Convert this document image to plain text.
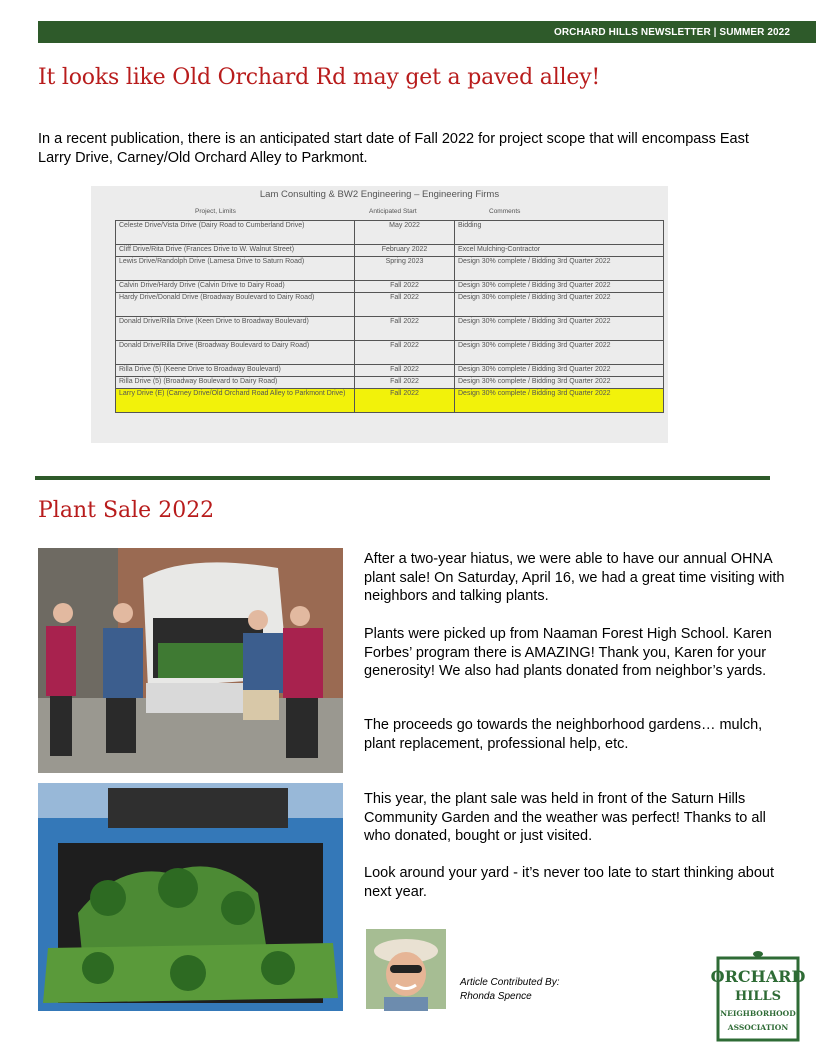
ORCHARD HILLS NEWSLETTER | SUMMER 2022
It looks like Old Orchard Rd may get a paved alley!

In a recent publication, there is an anticipated start date of Fall 2022 for project scope that will encompass East Larry Drive, Carney/Old Orchard Alley to Parkmont.

Lam Consulting & BW2 Engineering – Engineering Firms
Project, Limits	Anticipated Start	Comments
Celeste Drive/Vista Drive (Dairy Road to Cumberland Drive)	May 2022	Bidding
Cliff Drive/Rita Drive (Frances Drive to W. Walnut Street)	February 2022	Excel Mulching-Contractor
Lewis Drive/Randolph Drive (Lamesa Drive to Saturn Road)	Spring 2023	Design 30% complete / Bidding 3rd Quarter 2022
Calvin Drive/Hardy Drive (Calvin Drive to Dairy Road)	Fall 2022	Design 30% complete / Bidding 3rd Quarter 2022
Hardy Drive/Donald Drive (Broadway Boulevard to Dairy Road)	Fall 2022	Design 30% complete / Bidding 3rd Quarter 2022
Donald Drive/Rilla Drive (Keen Drive to Broadway Boulevard)	Fall 2022	Design 30% complete / Bidding 3rd Quarter 2022
Donald Drive/Rilla Drive (Broadway Boulevard to Dairy Road)	Fall 2022	Design 30% complete / Bidding 3rd Quarter 2022
Rilla Drive (5) (Keene Drive to Broadway Boulevard)	Fall 2022	Design 30% complete / Bidding 3rd Quarter 2022
Rilla Drive (5) (Broadway Boulevard to Dairy Road)	Fall 2022	Design 30% complete / Bidding 3rd Quarter 2022
Larry Drive (E) (Carney Drive/Old Orchard Road Alley to Parkmont Drive)	Fall 2022	Design 30% complete / Bidding 3rd Quarter 2022
Plant Sale 2022

After a two-year hiatus, we were able to have our annual OHNA plant sale! On Saturday, April 16, we had a great time visiting with neighbors and talking plants.

Plants were picked up from Naaman Forest High School. Karen Forbes’ program there is AMAZING! Thank you, Karen for your generosity! We also had plants donated from neighbor’s yards.

The proceeds go towards the neighborhood gardens… mulch, plant replacement, professional help, etc.

This year, the plant sale was held in front of the Saturn Hills Community Garden and the weather was perfect! Thanks to all who donated, bought or just visited.

Look around your yard - it’s never too late to start thinking about next year.

Article Contributed By:
Rhonda Spence

ORCHARD
HILLS
NEIGHBORHOOD
ASSOCIATION
